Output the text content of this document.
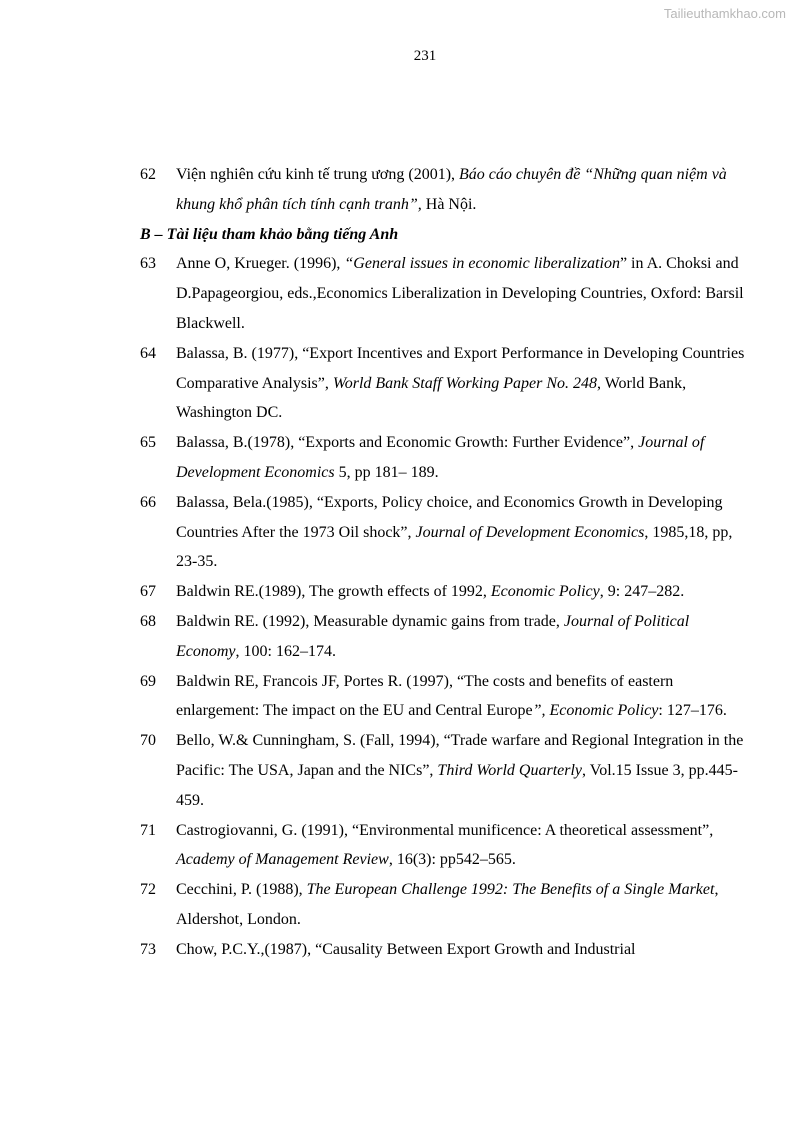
Tailieuthamkhao.com
231
62	Viện nghiên cứu kinh tế trung ương (2001), Báo cáo chuyên đề “Những quan niệm và khung khổ phân tích tính cạnh tranh”, Hà Nội.
B – Tài liệu tham khảo bằng tiếng Anh
63	Anne O, Krueger. (1996), “General issues in economic liberalization” in A. Choksi and D.Papageorgiou, eds.,Economics Liberalization in Developing Countries, Oxford: Barsil Blackwell.
64	Balassa, B. (1977), “Export Incentives and Export Performance in Developing Countries Comparative Analysis”, World Bank Staff Working Paper No. 248, World Bank, Washington DC.
65	Balassa, B.(1978), “Exports and Economic Growth: Further Evidence”, Journal of Development Economics 5, pp 181– 189.
66	Balassa, Bela.(1985), “Exports, Policy choice, and Economics Growth in Developing Countries After the 1973 Oil shock”, Journal of Development Economics, 1985,18, pp, 23-35.
67	Baldwin RE.(1989), The growth effects of 1992, Economic Policy, 9: 247–282.
68	Baldwin RE. (1992), Measurable dynamic gains from trade, Journal of Political Economy, 100: 162–174.
69	Baldwin RE, Francois JF, Portes R. (1997), “The costs and benefits of eastern enlargement: The impact on the EU and Central Europe”, Economic Policy: 127–176.
70	Bello, W.& Cunningham, S. (Fall, 1994), “Trade warfare and Regional Integration in the Pacific: The USA, Japan and the NICs”, Third World Quarterly, Vol.15 Issue 3, pp.445-459.
71	Castrogiovanni, G. (1991), “Environmental munificence: A theoretical assessment”, Academy of Management Review, 16(3): pp542–565.
72	Cecchini, P. (1988), The European Challenge 1992: The Benefits of a Single Market, Aldershot, London.
73	Chow, P.C.Y.,(1987), “Causality Between Export Growth and Industrial
